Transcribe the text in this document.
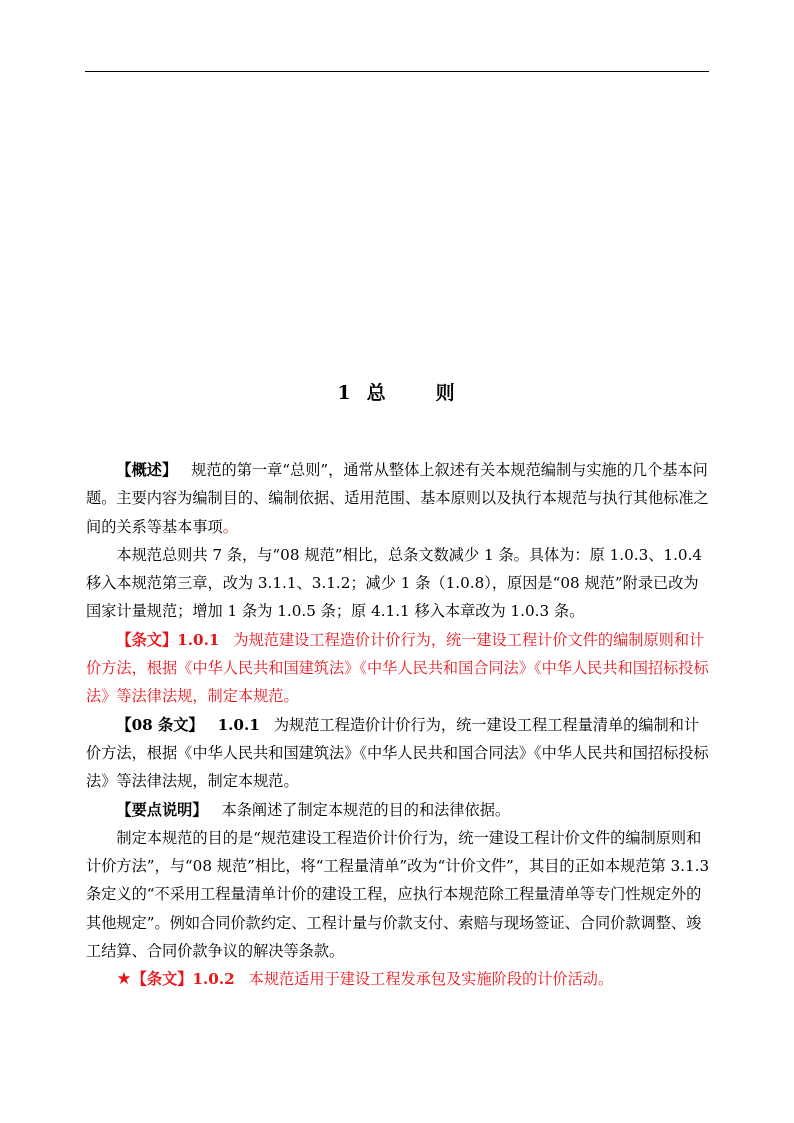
1 总	则

【概述】 规范的第一章“总则”，通常从整体上叙述有关本规范编制与实施的几个基本问题。主要内容为编制目的、编制依据、适用范围、基本原则以及执行本规范与执行其他标准之间的关系等基本事项。

本规范总则共 7 条，与“08 规范”相比，总条文数减少 1 条。具体为：原 1.0.3、1.0.4 移入本规范第三章，改为 3.1.1、3.1.2；减少 1 条（1.0.8），原因是“08 规范”附录已改为国家计量规范；增加 1 条为 1.0.5 条；原 4.1.1 移入本章改为 1.0.3 条。

【条文】1.0.1 为规范建设工程造价计价行为，统一建设工程计价文件的编制原则和计价方法，根据《中华人民共和国建筑法》《中华人民共和国合同法》《中华人民共和国招标投标法》等法律法规，制定本规范。

【08 条文】 1.0.1 为规范工程造价计价行为，统一建设工程工程量清单的编制和计价方法，根据《中华人民共和国建筑法》《中华人民共和国合同法》《中华人民共和国招标投标法》等法律法规，制定本规范。

【要点说明】 本条阐述了制定本规范的目的和法律依据。

制定本规范的目的是“规范建设工程造价计价行为，统一建设工程计价文件的编制原则和计价方法”，与“08 规范”相比，将“工程量清单”改为“计价文件”，其目的正如本规范第 3.1.3 条定义的“不采用工程量清单计价的建设工程，应执行本规范除工程量清单等专门性规定外的其他规定”。例如合同价款约定、工程计量与价款支付、索赔与现场签证、合同价款调整、竣工结算、合同价款争议的解决等条款。

★【条文】1.0.2 本规范适用于建设工程发承包及实施阶段的计价活动。
